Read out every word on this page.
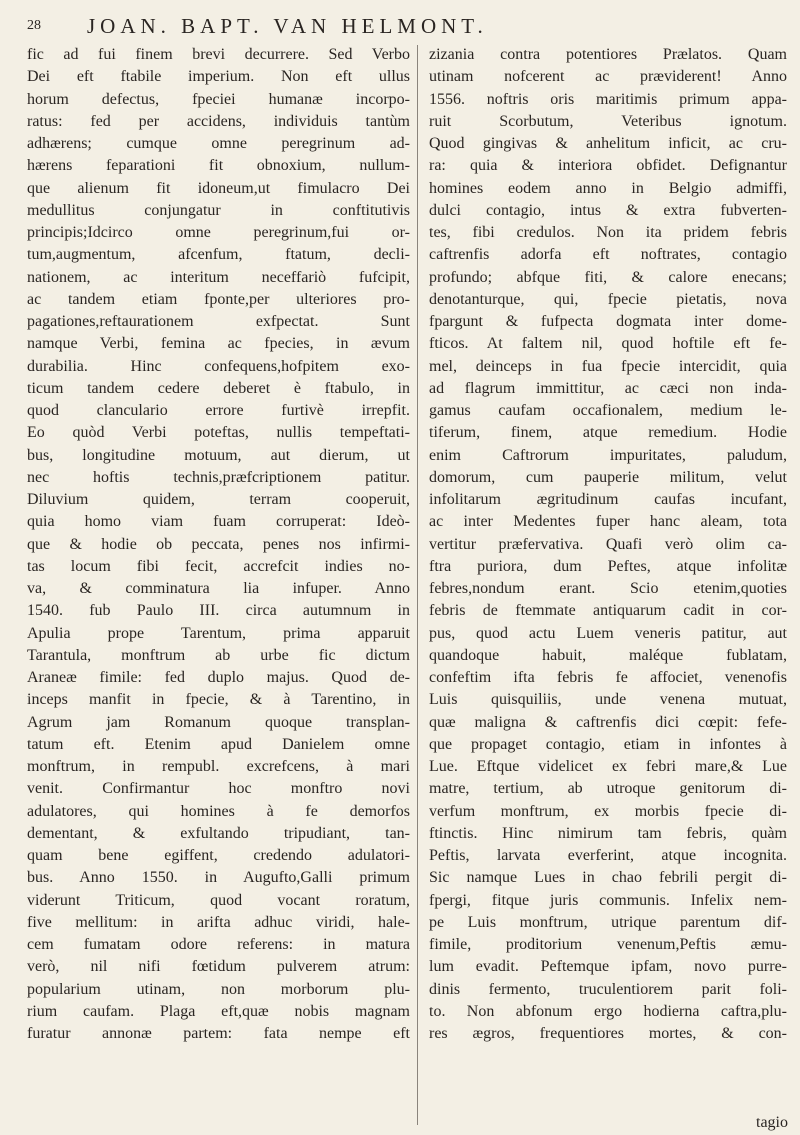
28 JOAN. BAPT. VAN HELMONT.
fic ad fui finem brevi decurrere. Sed Verbo
Dei eft ftabile imperium. Non eft ullus
horum defectus, fpeciei humanæ incorpo-
ratus: fed per accidens, individuis tantùm
adhærens; cumque omne peregrinum ad-
hærens feparationi fit obnoxium, nullum-
que alienum fit idoneum,ut fimulacro Dei
medullitus conjungatur in conftitutivis
principis;Idcirco omne peregrinum,fui or-
tum,augmentum, afcenfum, ftatum, decli-
nationem, ac interitum neceffariò fufcipit,
ac tandem etiam fponte,per ulteriores pro-
pagationes,reftaurationem exfpectat. Sunt
namque Verbi, femina ac fpecies, in ævum
durabilia. Hinc confequens,hofpitem exo-
ticum tandem cedere deberet è ftabulo, in
quod clanculario errore furtivè irrepfit.
Eo quòd Verbi poteftas, nullis tempeftati-
bus, longitudine motuum, aut dierum, ut
nec hoftis technis,præfcriptionem patitur.
Diluvium quidem, terram cooperuit,
quia homo viam fuam corruperat: Ideò-
que & hodie ob peccata, penes nos infirmi-
tas locum fibi fecit, accrefcit indies no-
va, & comminatura lia infuper. Anno
1540. fub Paulo III. circa autumnum in
Apulia prope Tarentum, prima apparuit
Tarantula, monftrum ab urbe fic dictum
Araneæ fimile: fed duplo majus. Quod de-
inceps manfit in fpecie, & à Tarentino, in
Agrum jam Romanum quoque transplan-
tatum eft. Etenim apud Danielem omne
monftrum, in rempubl. excrefcens, à mari
venit. Confirmantur hoc monftro novi
adulatores, qui homines à fe demorfos
dementant, & exfultando tripudiant, tan-
quam bene egiffent, credendo adulatori-
bus. Anno 1550. in Augufto,Galli primum
viderunt Triticum, quod vocant roratum,
five mellitum: in arifta adhuc viridi, hale-
cem fumatam odore referens: in matura
verò, nil nifi fœtidum pulverem atrum:
popularium utinam, non morborum plu-
rium caufam. Plaga eft,quæ nobis magnam
furatur annonæ partem: fata nempe eft
zizania contra potentiores Prælatos. Quam
utinam nofcerent ac præviderent! Anno
1556. noftris oris maritimis primum appa-
ruit Scorbutum, Veteribus ignotum.
Quod gingivas & anhelitum inficit, ac cru-
ra: quia & interiora obfidet. Defignantur
homines eodem anno in Belgio admiffi,
dulci contagio, intus & extra fubverten-
tes, fibi credulos. Non ita pridem febris
caftrenfis adorfa eft noftrates, contagio
profundo; abfque fiti, & calore enecans;
denotanturque, qui, fpecie pietatis, nova
fpargunt & fufpecta dogmata inter dome-
fticos. At faltem nil, quod hoftile eft fe-
mel, deinceps in fua fpecie intercidit, quia
ad flagrum immittitur, ac cæci non inda-
gamus caufam occafionalem, medium le-
tiferum, finem, atque remedium. Hodie
enim Caftrorum impuritates, paludum,
domorum, cum pauperie militum, velut
infolitarum ægritudinum caufas incufant,
ac inter Medentes fuper hanc aleam, tota
vertitur præfervativa. Quafi verò olim ca-
ftra puriora, dum Peftes, atque infolitæ
febres,nondum erant. Scio etenim,quoties
febris de ftemmate antiquarum cadit in cor-
pus, quod actu Luem veneris patitur, aut
quandoque habuit, maléque fublatam,
confeftim ifta febris fe affociet, venenofis
Luis quisquiliis, unde venena mutuat,
quæ maligna & caftrenfis dici cœpit: fefe-
que propaget contagio, etiam in infontes à
Lue. Eftque videlicet ex febri mare,& Lue
matre, tertium, ab utroque genitorum di-
verfum monftrum, ex morbis fpecie di-
ftinctis. Hinc nimirum tam febris, quàm
Peftis, larvata everferint, atque incognita.
Sic namque Lues in chao febrili pergit di-
fpergi, fitque juris communis. Infelix nem-
pe Luis monftrum, utrique parentum dif-
fimile, proditorium venenum,Peftis æmu-
lum evadit. Peftemque ipfam, novo purre-
dinis fermento, truculentiorem parit foli-
to. Non abfonum ergo hodierna caftra,plu-
res ægros, frequentiores mortes, & con-
tagio
